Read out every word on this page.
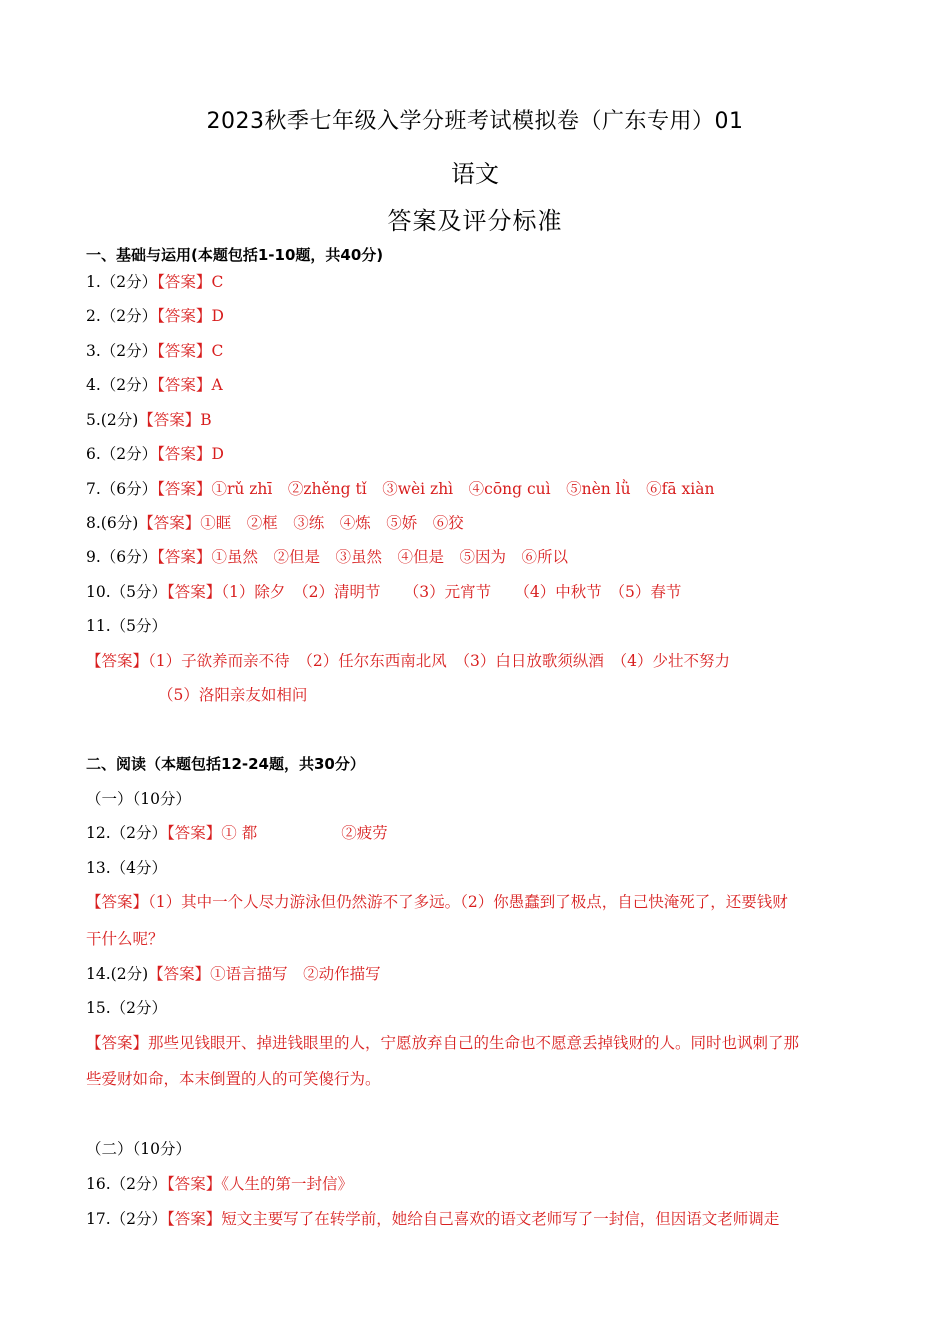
2023秋季七年级入学分班考试模拟卷（广东专用）01
语文
答案及评分标准
一、基础与运用(本题包括1-10题，共40分)
1.（2分）【答案】C
2.（2分）【答案】D
3.（2分）【答案】C
4.（2分）【答案】A
5.(2分)【答案】B
6.（2分）【答案】D
7.（6分）【答案】①rǔ zhī　②zhěng tǐ　③wèi zhì　④cōng cuì　⑤nèn lǜ　⑥fā xiàn
8.(6分)【答案】①眶　②框　③练　④炼　⑤娇　⑥狡
9.（6分）【答案】①虽然　②但是　③虽然　④但是　⑤因为　⑥所以
10.（5分）【答案】（1）除夕　（2）清明节　　（3）元宵节　　（4）中秋节　（5）春节
11.（5分）
【答案】（1）子欲养而亲不待　（2）任尔东西南北风　（3）白日放歌须纵酒　（4）少壮不努力
（5）洛阳亲友如相问
二、阅读（本题包括12-24题，共30分）
（一）（10分）
12.（2分）【答案】① 都	②疲劳
13.（4分）
【答案】（1）其中一个人尽力游泳但仍然游不了多远。（2）你愚蠢到了极点，自己快淹死了，还要钱财
干什么呢？
14.(2分)【答案】①语言描写　②动作描写
15.（2分）
【答案】那些见钱眼开、掉进钱眼里的人，宁愿放弃自己的生命也不愿意丢掉钱财的人。同时也讽刺了那
些爱财如命，本末倒置的人的可笑傻行为。
（二）（10分）
16.（2分）【答案】《人生的第一封信》
17.（2分）【答案】短文主要写了在转学前，她给自己喜欢的语文老师写了一封信，但因语文老师调走
